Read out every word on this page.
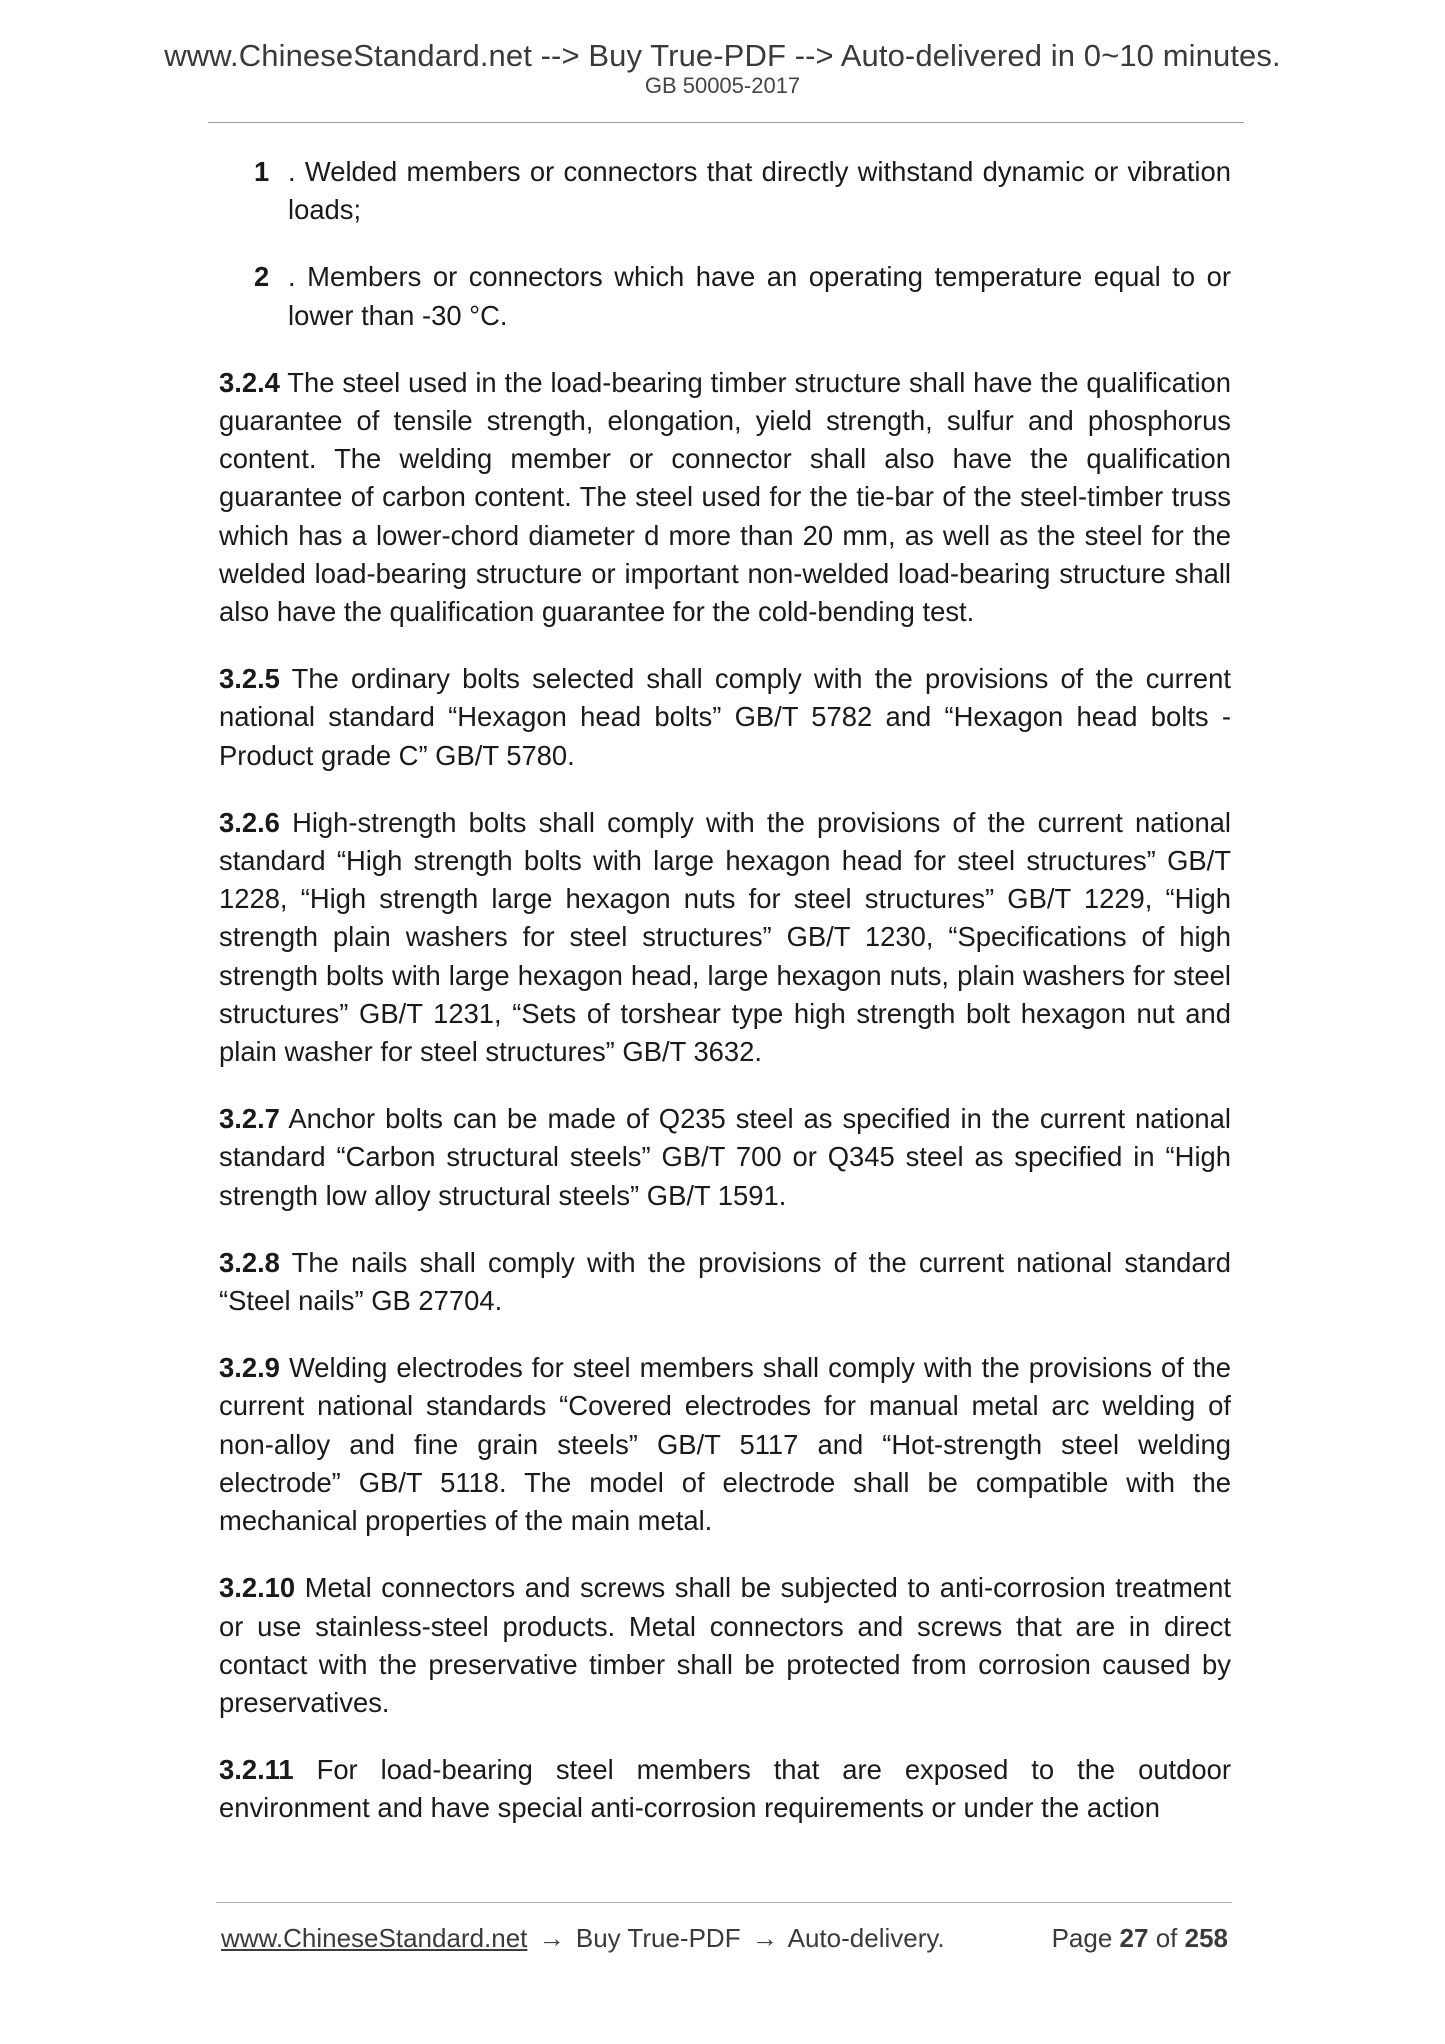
www.ChineseStandard.net --> Buy True-PDF --> Auto-delivered in 0~10 minutes.
GB 50005-2017
1 . Welded members or connectors that directly withstand dynamic or vibration loads;
2 . Members or connectors which have an operating temperature equal to or lower than -30 °C.
3.2.4 The steel used in the load-bearing timber structure shall have the qualification guarantee of tensile strength, elongation, yield strength, sulfur and phosphorus content. The welding member or connector shall also have the qualification guarantee of carbon content. The steel used for the tie-bar of the steel-timber truss which has a lower-chord diameter d more than 20 mm, as well as the steel for the welded load-bearing structure or important non-welded load-bearing structure shall also have the qualification guarantee for the cold-bending test.
3.2.5 The ordinary bolts selected shall comply with the provisions of the current national standard “Hexagon head bolts” GB/T 5782 and “Hexagon head bolts - Product grade C” GB/T 5780.
3.2.6 High-strength bolts shall comply with the provisions of the current national standard “High strength bolts with large hexagon head for steel structures” GB/T 1228, “High strength large hexagon nuts for steel structures” GB/T 1229, “High strength plain washers for steel structures” GB/T 1230, “Specifications of high strength bolts with large hexagon head, large hexagon nuts, plain washers for steel structures” GB/T 1231, “Sets of torshear type high strength bolt hexagon nut and plain washer for steel structures” GB/T 3632.
3.2.7 Anchor bolts can be made of Q235 steel as specified in the current national standard “Carbon structural steels” GB/T 700 or Q345 steel as specified in “High strength low alloy structural steels” GB/T 1591.
3.2.8 The nails shall comply with the provisions of the current national standard “Steel nails” GB 27704.
3.2.9 Welding electrodes for steel members shall comply with the provisions of the current national standards “Covered electrodes for manual metal arc welding of non-alloy and fine grain steels” GB/T 5117 and “Hot-strength steel welding electrode” GB/T 5118. The model of electrode shall be compatible with the mechanical properties of the main metal.
3.2.10 Metal connectors and screws shall be subjected to anti-corrosion treatment or use stainless-steel products. Metal connectors and screws that are in direct contact with the preservative timber shall be protected from corrosion caused by preservatives.
3.2.11 For load-bearing steel members that are exposed to the outdoor environment and have special anti-corrosion requirements or under the action
www.ChineseStandard.net → Buy True-PDF → Auto-delivery.	Page 27 of 258
